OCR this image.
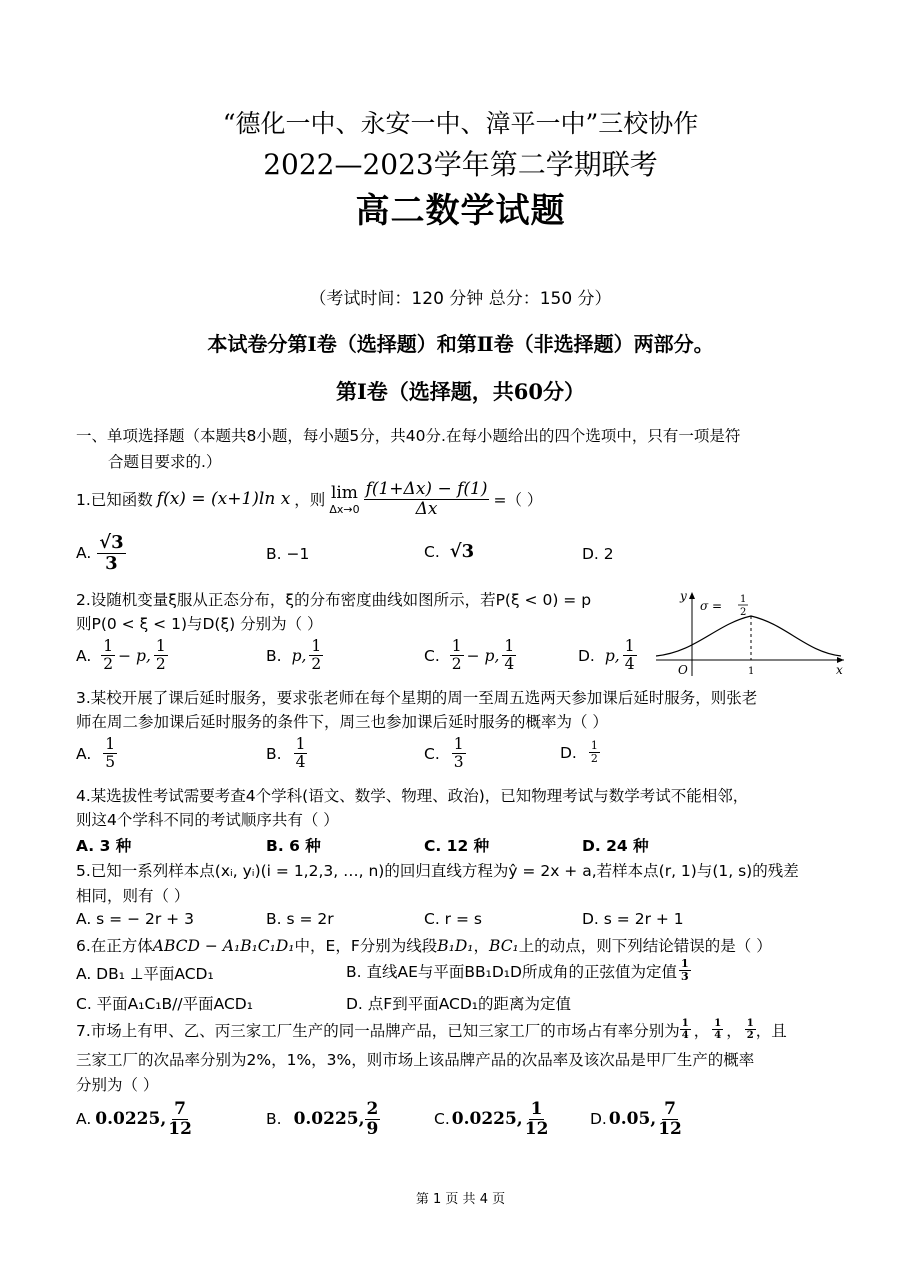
“德化一中、永安一中、漳平一中”三校协作
2022—2023学年第二学期联考
高二数学试题
（考试时间：120 分钟 总分：150 分）
本试卷分第Ⅰ卷（选择题）和第Ⅱ卷（非选择题）两部分。
第Ⅰ卷（选择题，共60分）
一、单项选择题（本题共8小题，每小题5分，共40分.在每小题给出的四个选项中，只有一项是符
合题目要求的.）
1.已知函数 f(x) = (x+1)ln x ，则 lim
$\Delta x\to 0 \frac{f(1+\Delta x) - f(1)}{\Delta x}$ =（ ）
A. $\frac{√3}{3}$	B. −1	C. √3	D. 2
2.设随机变量ξ服从正态分布，ξ的分布密度曲线如图所示，若P(ξ < 0) = p
则P(0 < ξ < 1)与D(ξ) 分别为（ ）
A. $\frac{1}{2} - p$, $\frac{1}{2}$	B. p, $\frac{1}{2}$	C. $\frac{1}{2} - p$, $\frac{1}{4}$	D. p, $\frac{1}{4}$
y
x
O	1
σ = 1
2
3.某校开展了课后延时服务，要求张老师在每个星期的周一至周五选两天参加课后延时服务，则张老
师在周二参加课后延时服务的条件下，周三也参加课后延时服务的概率为（ ）
A. $\frac{1}{5}$	B. $\frac{1}{4}$	C. $\frac{1}{3}$	D. $\frac{1}{2}$
4.某选拔性考试需要考查4个学科(语文、数学、物理、政治)，已知物理考试与数学考试不能相邻，
则这4个学科不同的考试顺序共有（ ）
A. 3 种	B. 6 种	C. 12 种	D. 24 种
5.已知一系列样本点(xᵢ, yᵢ)(i = 1,2,3, …, n)的回归直线方程为ŷ = 2x + a,若样本点(r, 1)与(1, s)的残差
相同，则有（ ）
A. s = − 2r + 3	B. s = 2r	C. r = s	D. s = 2r + 1
6.在正方体ABCD − A₁B₁C₁D₁中，E，F分别为线段B₁D₁，BC₁上的动点，则下列结论错误的是（ ）
A. DB₁ ⊥平面ACD₁	B. 直线AE与平面BB₁D₁D所成角的正弦值为定值 $\frac{1}{3}$
C. 平面A₁C₁B//平面ACD₁	D. 点F到平面ACD₁的距离为定值
7.市场上有甲、乙、丙三家工厂生产的同一品牌产品，已知三家工厂的市场占有率分别为 $\frac{1}{4}$ ， $\frac{1}{4}$ ， $\frac{1}{2}$ ，且
三家工厂的次品率分别为2%，1%，3%，则市场上该品牌产品的次品率及该次品是甲厂生产的概率
分别为（ ）
A. 0.0225, $\frac{7}{12}$	B. 0.0225, $\frac{2}{9}$	C. 0.0225, $\frac{1}{12}$	D. 0.05, $\frac{7}{12}$
第 1 页 共 4 页
